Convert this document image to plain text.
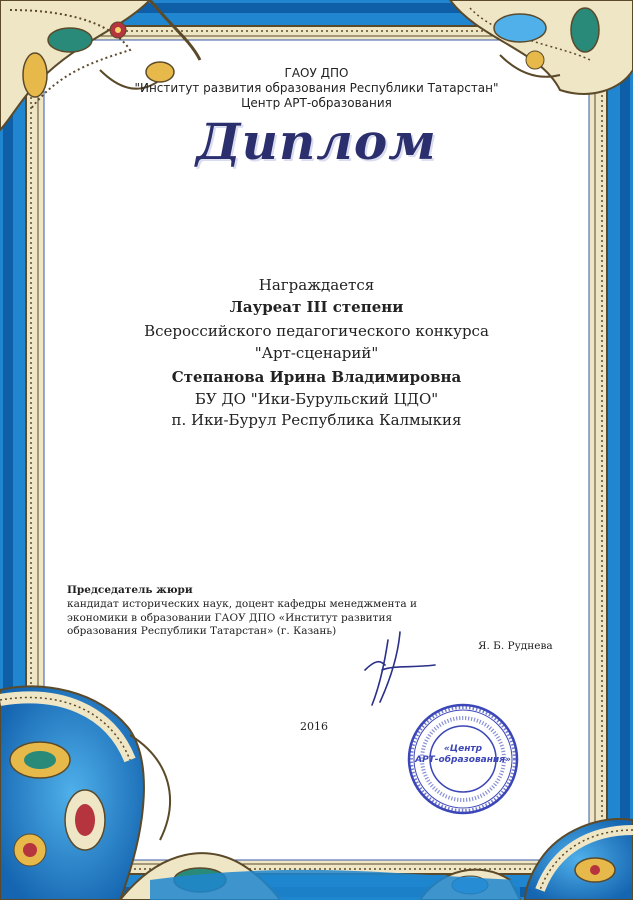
ГАОУ ДПО
"Институт развития образования Республики Татарстан"
Центр АРТ-образования
Диплом
Награждается
Лауреат III степени
Всероссийского педагогического конкурса
"Арт-сценарий"
Степанова Ирина Владимировна
БУ ДО "Ики-Бурульский ЦДО"
п. Ики-Бурул Республика Калмыкия
Председатель жюри
кандидат исторических наук, доцент кафедры менеджмента и экономики в образовании ГАОУ ДПО «Институт развития образования Республики Татарстан» (г. Казань)
Я. Б. Руднева
2016
«Центр
АРТ-образования»
